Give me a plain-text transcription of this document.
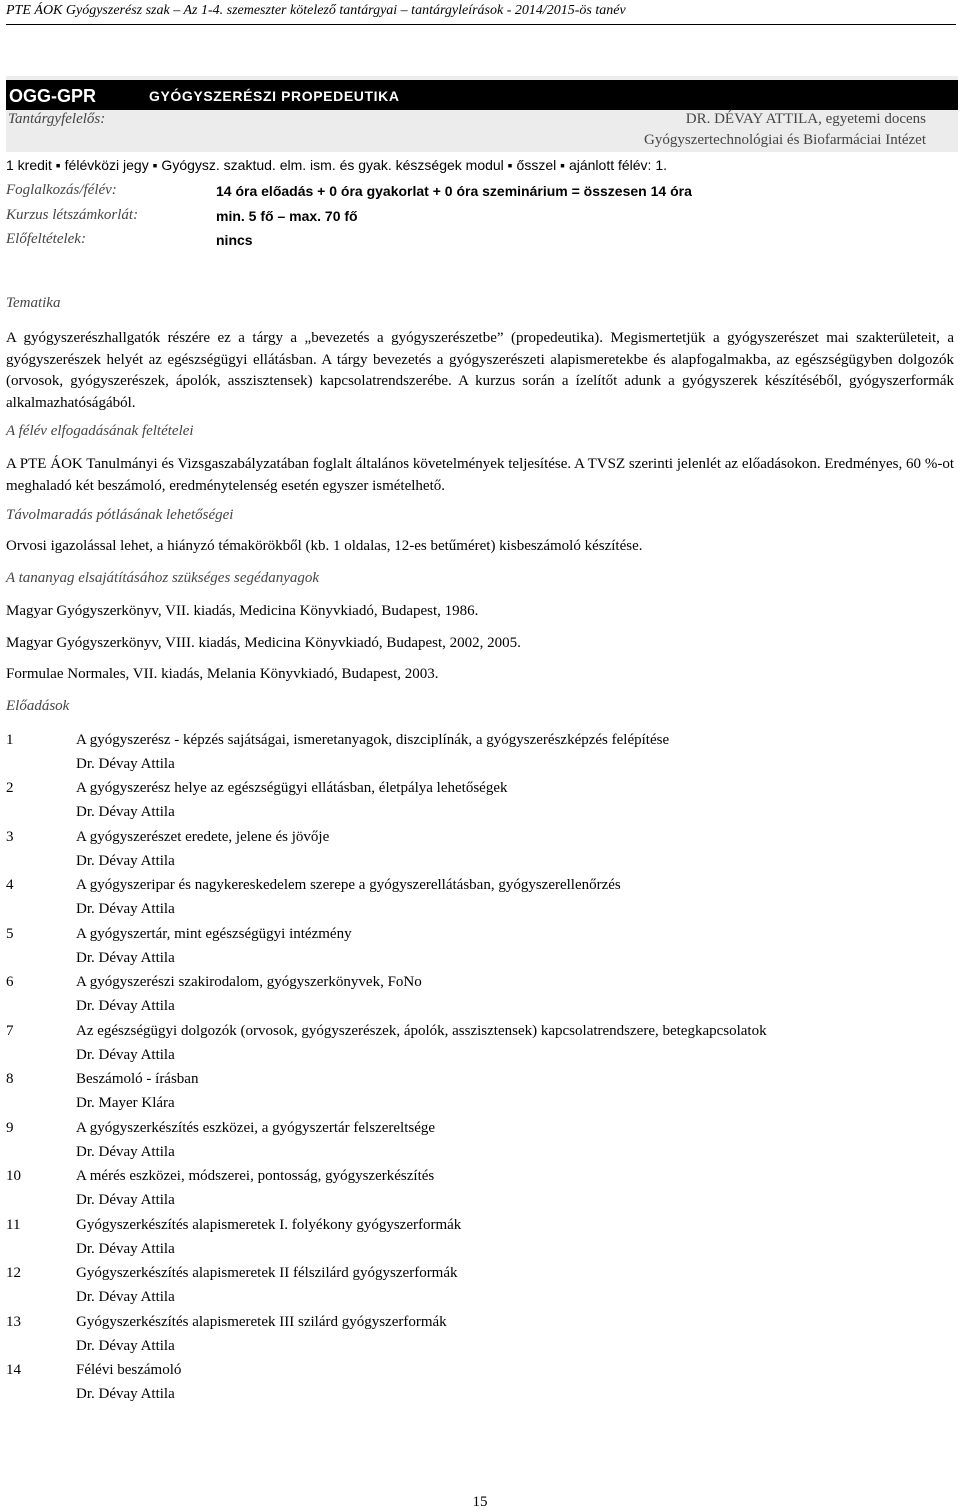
PTE ÁOK Gyógyszerész szak – Az 1-4. szemeszter kötelező tantárgyai – tantárgyleírások - 2014/2015-ös tanév
OGG-GPR	GYÓGYSZERÉSZI PROPEDEUTIKA
Tantárgyfelelős:	DR. DÉVAY ATTILA, egyetemi docens
Gyógyszertechnológiai és Biofarmáciai Intézet
1 kredit ▪ félévközi jegy ▪ Gyógysz. szaktud. elm. ism. és gyak. készségek modul ▪ ősszel ▪ ajánlott félév: 1.
Foglalkozás/félév:	14 óra előadás + 0 óra gyakorlat + 0 óra szeminárium = összesen 14 óra
Kurzus létszámkorlát:	min. 5 fő – max. 70 fő
Előfeltételek:	nincs
Tematika

A gyógyszerészhallgatók részére ez a tárgy a „bevezetés a gyógyszerészetbe” (propedeutika). Megismertetjük a gyógyszerészet mai szakterületeit, a gyógyszerészek helyét az egészségügyi ellátásban. A tárgy bevezetés a gyógyszerészeti alapismeretekbe és alapfogalmakba, az egészségügyben dolgozók (orvosok, gyógyszerészek, ápolók, asszisztensek) kapcsolatrendszerébe. A kurzus során a ízelítőt adunk a gyógyszerek készítéséből, gyógyszerformák alkalmazhatóságából.

A félév elfogadásának feltételei

A PTE ÁOK Tanulmányi és Vizsgaszabályzatában foglalt általános követelmények teljesítése. A TVSZ szerinti jelenlét az előadásokon. Eredményes, 60 %-ot meghaladó két beszámoló, eredménytelenség esetén egyszer ismételhető.

Távolmaradás pótlásának lehetőségei
Orvosi igazolással lehet, a hiányzó témakörökből (kb. 1 oldalas, 12-es betűméret) kisbeszámoló készítése.
A tananyag elsajátításához szükséges segédanyagok
Magyar Gyógyszerkönyv, VII. kiadás, Medicina Könyvkiadó, Budapest, 1986.
Magyar Gyógyszerkönyv, VIII. kiadás, Medicina Könyvkiadó, Budapest, 2002, 2005.
Formulae Normales, VII. kiadás, Melania Könyvkiadó, Budapest, 2003.
Előadások
1	A gyógyszerész - képzés sajátságai, ismeretanyagok, diszciplínák, a gyógyszerészképzés felépítése
Dr. Dévay Attila
2	A gyógyszerész helye az egészségügyi ellátásban, életpálya lehetőségek
Dr. Dévay Attila
3	A gyógyszerészet eredete, jelene és jövője
Dr. Dévay Attila
4	A gyógyszeripar és nagykereskedelem szerepe a gyógyszerellátásban, gyógyszerellenőrzés
Dr. Dévay Attila
5	A gyógyszertár, mint egészségügyi intézmény
Dr. Dévay Attila
6	A gyógyszerészi szakirodalom, gyógyszerkönyvek, FoNo
Dr. Dévay Attila
7	Az egészségügyi dolgozók (orvosok, gyógyszerészek, ápolók, asszisztensek) kapcsolatrendszere, betegkapcsolatok
Dr. Dévay Attila
8	Beszámoló - írásban
Dr. Mayer Klára
9	A gyógyszerkészítés eszközei, a gyógyszertár felszereltsége
Dr. Dévay Attila
10	A mérés eszközei, módszerei, pontosság, gyógyszerkészítés
Dr. Dévay Attila
11	Gyógyszerkészítés alapismeretek I. folyékony gyógyszerformák
Dr. Dévay Attila
12	Gyógyszerkészítés alapismeretek II félszilárd gyógyszerformák
Dr. Dévay Attila
13	Gyógyszerkészítés alapismeretek III szilárd gyógyszerformák
Dr. Dévay Attila
14	Félévi beszámoló
Dr. Dévay Attila
15
